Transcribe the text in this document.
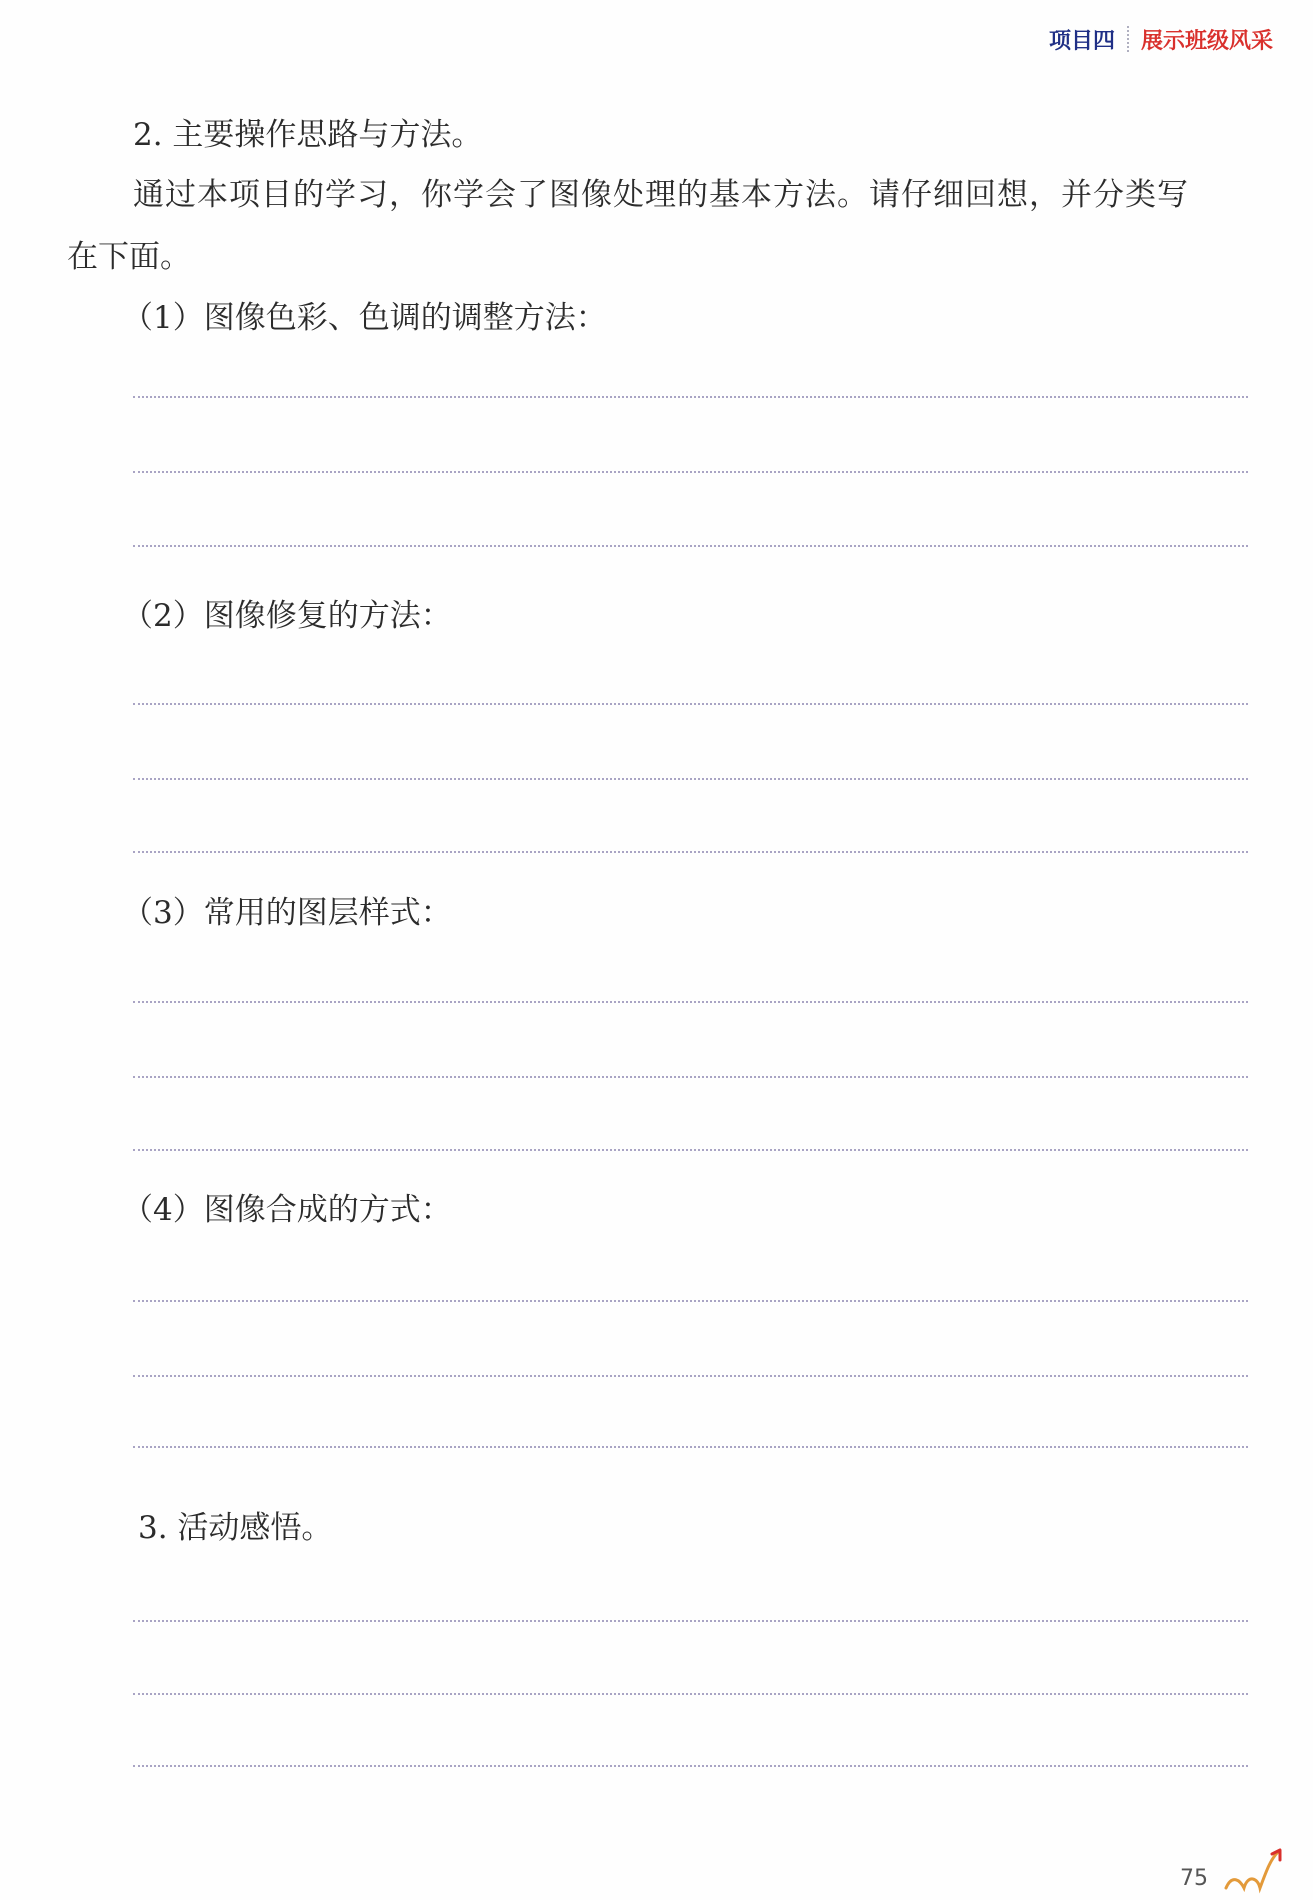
项目四 展示班级风采
2. 主要操作思路与方法。
通过本项目的学习，你学会了图像处理的基本方法。请仔细回想，并分类写
在下面。
（1）图像色彩、色调的调整方法：
（2）图像修复的方法：
（3）常用的图层样式：
（4）图像合成的方式：
3. 活动感悟。
75
